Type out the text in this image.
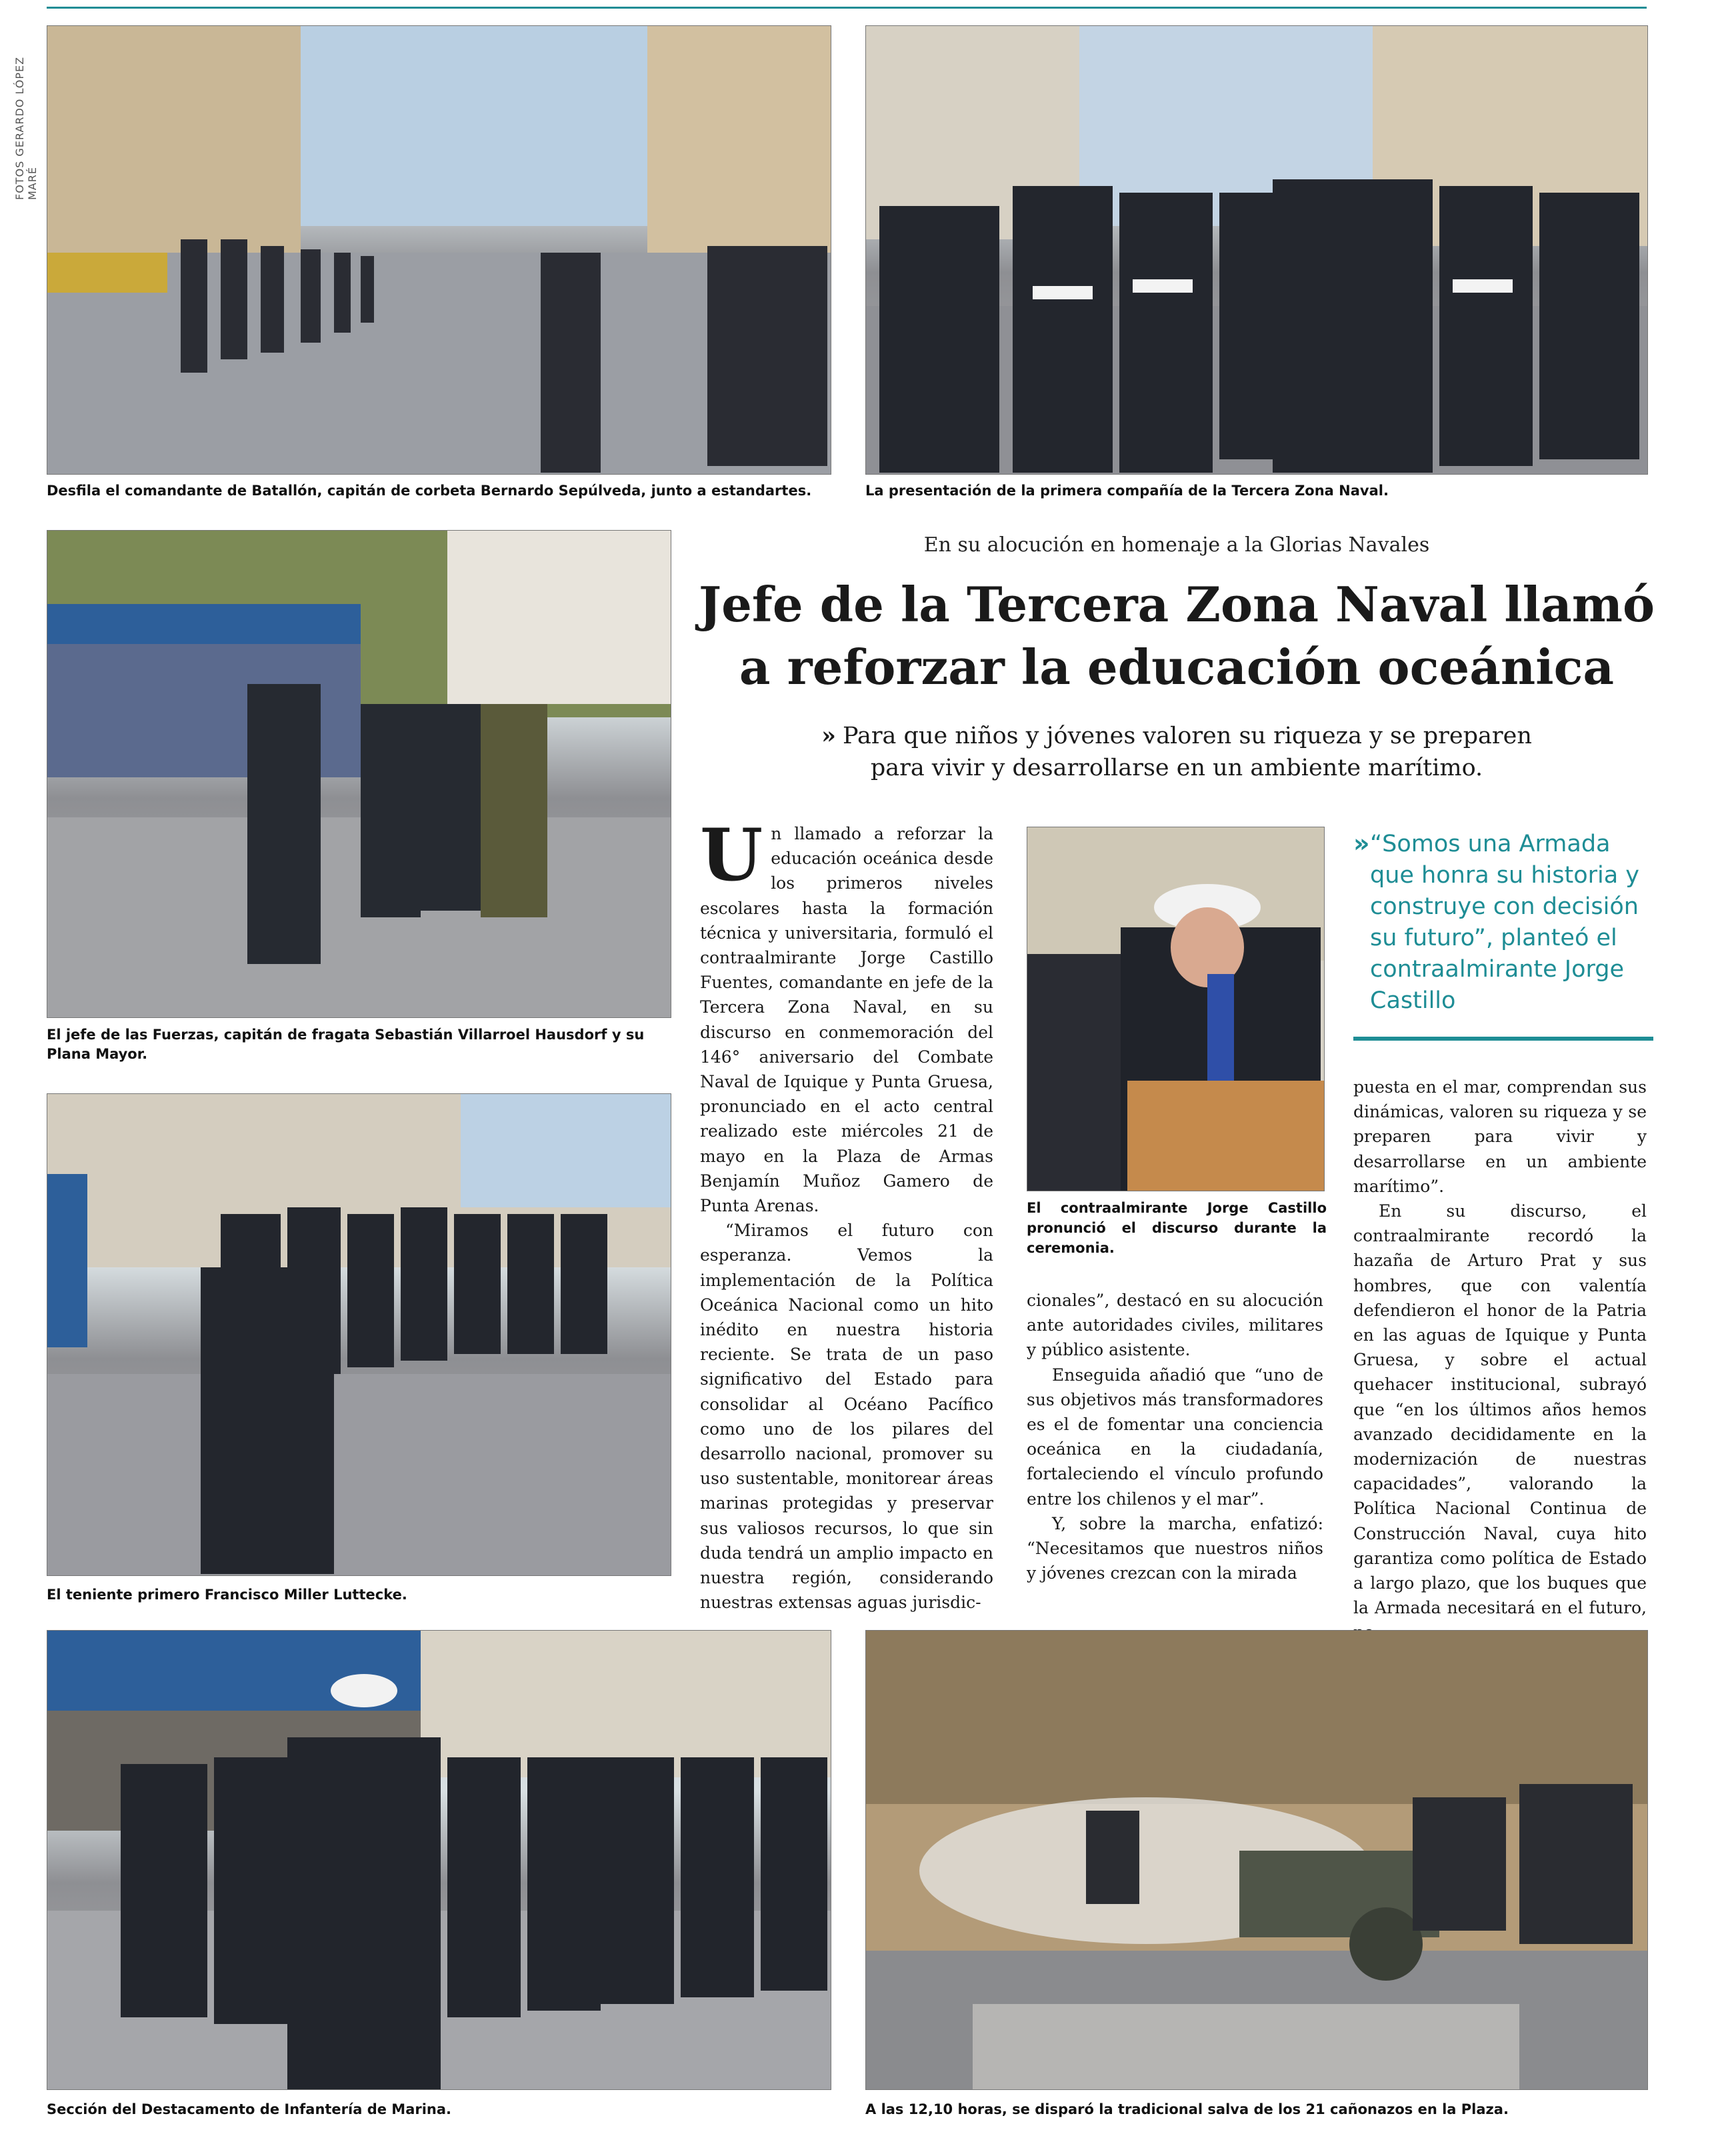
FOTOS GERARDO LÓPEZ MARÉ
Desfila el comandante de Batallón, capitán de corbeta Bernardo Sepúlveda, junto a estandartes.	La presentación de la primera compañía de la Tercera Zona Naval.
El jefe de las Fuerzas, capitán de fragata Sebastián Villarroel Hausdorf y su Plana Mayor.
El teniente primero Francisco Miller Luttecke.
En su alocución en homenaje a la Glorias Navales
Jefe de la Tercera Zona Naval llamó
a reforzar la educación oceánica
» Para que niños y jóvenes valoren su riqueza y se preparen
para vivir y desarrollarse en un ambiente marítimo.

Un llamado a reforzar la educación oceánica desde los primeros niveles escolares hasta la formación técnica y universitaria, formuló el contraalmirante Jorge Castillo Fuentes, comandante en jefe de la Tercera Zona Naval, en su discurso en conmemoración del 146° aniversario del Combate Naval de Iquique y Punta Gruesa, pronunciado en el acto central realizado este miércoles 21 de mayo en la Plaza de Armas Benjamín Muñoz Gamero de Punta Arenas.

“Miramos el futuro con esperanza. Vemos la implementación de la Política Oceánica Nacional como un hito inédito en nuestra historia reciente. Se trata de un paso significativo del Estado para consolidar al Océano Pacífico como uno de los pilares del desarrollo nacional, promover su uso sustentable, monitorear áreas marinas protegidas y preservar sus valiosos recursos, lo que sin duda tendrá un amplio impacto en nuestra región, considerando nuestras extensas aguas jurisdic-

El contraalmirante Jorge Castillo pronunció el discurso durante la ceremonia.

cionales”, destacó en su alocución ante autoridades civiles, militares y público asistente.

Enseguida añadió que “uno de sus objetivos más transformadores es el de fomentar una conciencia oceánica en la ciudadanía, fortaleciendo el vínculo profundo entre los chilenos y el mar”.

Y, sobre la marcha, enfatizó: “Necesitamos que nuestros niños y jóvenes crezcan con la mirada

» “Somos una Armada que honra su historia y construye con decisión su futuro”, planteó el contraalmirante Jorge Castillo

puesta en el mar, comprendan sus dinámicas, valoren su riqueza y se preparen para vivir y desarrollarse en un ambiente marítimo”.

En su discurso, el contraalmirante recordó la hazaña de Arturo Prat y sus hombres, que con valentía defendieron el honor de la Patria en las aguas de Iquique y Punta Gruesa, y sobre el actual quehacer institucional, subrayó que “en los últimos años hemos avanzado decididamente en la modernización de nuestras capacidades”, valorando la Política Nacional Continua de Construcción Naval, cuya hito garantiza como política de Estado a largo plazo, que los buques que la Armada necesitará en el futuro,

Sección del Destacamento de Infantería de Marina.	A las 12,10 horas, se disparó la tradicional salva de los 21 cañonazos en la Plaza.
